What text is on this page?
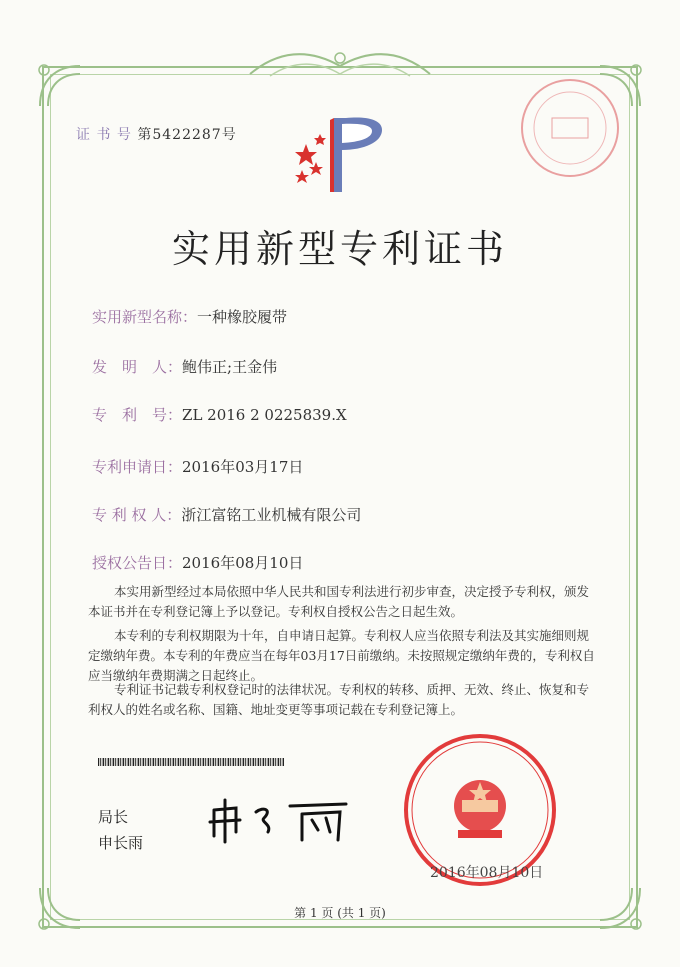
证 书 号 第5422287号
实用新型专利证书
实用新型名称：一种橡胶履带
发　明　人：鲍伟正;王金伟
专　利　号：ZL 2016 2 0225839.X
专利申请日：2016年03月17日
专 利 权 人：浙江富铭工业机械有限公司
授权公告日：2016年08月10日
本实用新型经过本局依照中华人民共和国专利法进行初步审查，决定授予专利权，颁发本证书并在专利登记簿上予以登记。专利权自授权公告之日起生效。
本专利的专利权期限为十年，自申请日起算。专利权人应当依照专利法及其实施细则规定缴纳年费。本专利的年费应当在每年03月17日前缴纳。未按照规定缴纳年费的，专利权自应当缴纳年费期满之日起终止。
专利证书记载专利权登记时的法律状况。专利权的转移、质押、无效、终止、恢复和专利权人的姓名或名称、国籍、地址变更等事项记载在专利登记簿上。
局长
申长雨
2016年08月10日
第 1 页 (共 1 页)
